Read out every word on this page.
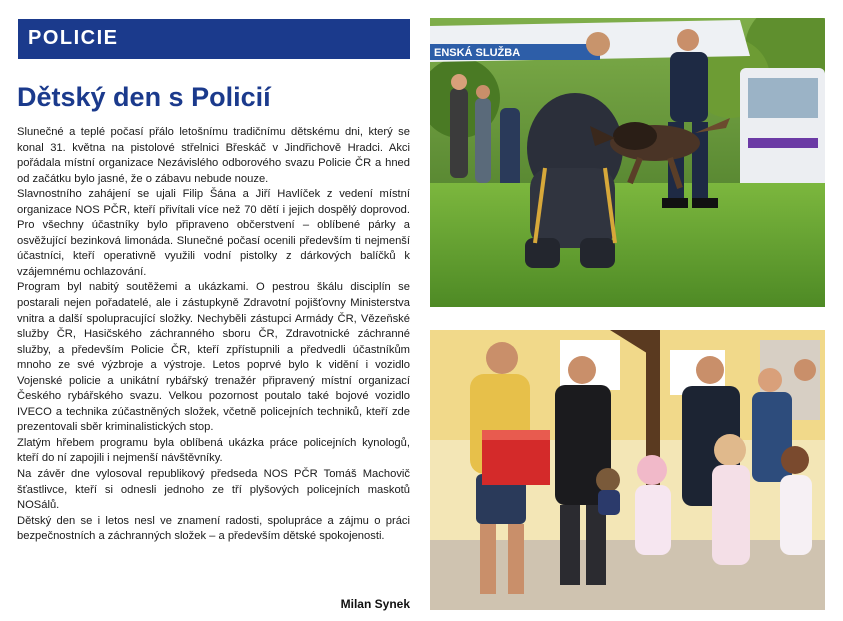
POLICIE
Dětský den s Policií

Slunečné a teplé počasí přálo letošnímu tradičnímu dětskému dni, který se konal 31. května na pistolové střelnici Břeskáč v Jindřichově Hradci. Akci pořádala místní organizace Nezávislého odborového svazu Policie ČR a hned od začátku bylo jasné, že o zábavu nebude nouze.

Slavnostního zahájení se ujali Filip Šána a Jiří Havlíček z vedení místní organizace NOS PČR, kteří přivítali více než 70 dětí i jejich dospělý doprovod. Pro všechny účastníky bylo připraveno občerstvení – oblíbené párky a osvěžující bezinková limonáda. Slunečné počasí ocenili především ti nejmenší účastníci, kteří operativně využili vodní pistolky z dárkových balíčků k vzájemnému ochlazování.

Program byl nabitý soutěžemi a ukázkami. O pestrou škálu disciplín se postarali nejen pořadatelé, ale i zástupkyně Zdravotní pojišťovny Ministerstva vnitra a další spolupracující složky. Nechyběli zástupci Armády ČR, Vězeňské služby ČR, Hasičského záchranného sboru ČR, Zdravotnické záchranné služby, a především Policie ČR, kteří zpřístupnili a předvedli účastníkům mnoho ze své výzbroje a výstroje. Letos poprvé bylo k vidění i vozidlo Vojenské policie a unikátní rybářský trenažér připravený místní organizací Českého rybářského svazu. Velkou pozornost poutalo také bojové vozidlo IVECO a technika zúčastněných složek, včetně policejních techniků, kteří zde prezentovali sběr kriminalistických stop.

Zlatým hřebem programu byla oblíbená ukázka práce policejních kynologů, kteří do ní zapojili i nejmenší návštěvníky.

Na závěr dne vylosoval republikový předseda NOS PČR Tomáš Machovič šťastlivce, kteří si odnesli jednoho ze tří plyšových policejních maskotů NOSálů.

Dětský den se i letos nesl ve znamení radosti, spolupráce a zájmu o práci bezpečnostních a záchranných složek – a především dětské spokojenosti.

Milan Synek
ENSKÁ SLUŽBA
